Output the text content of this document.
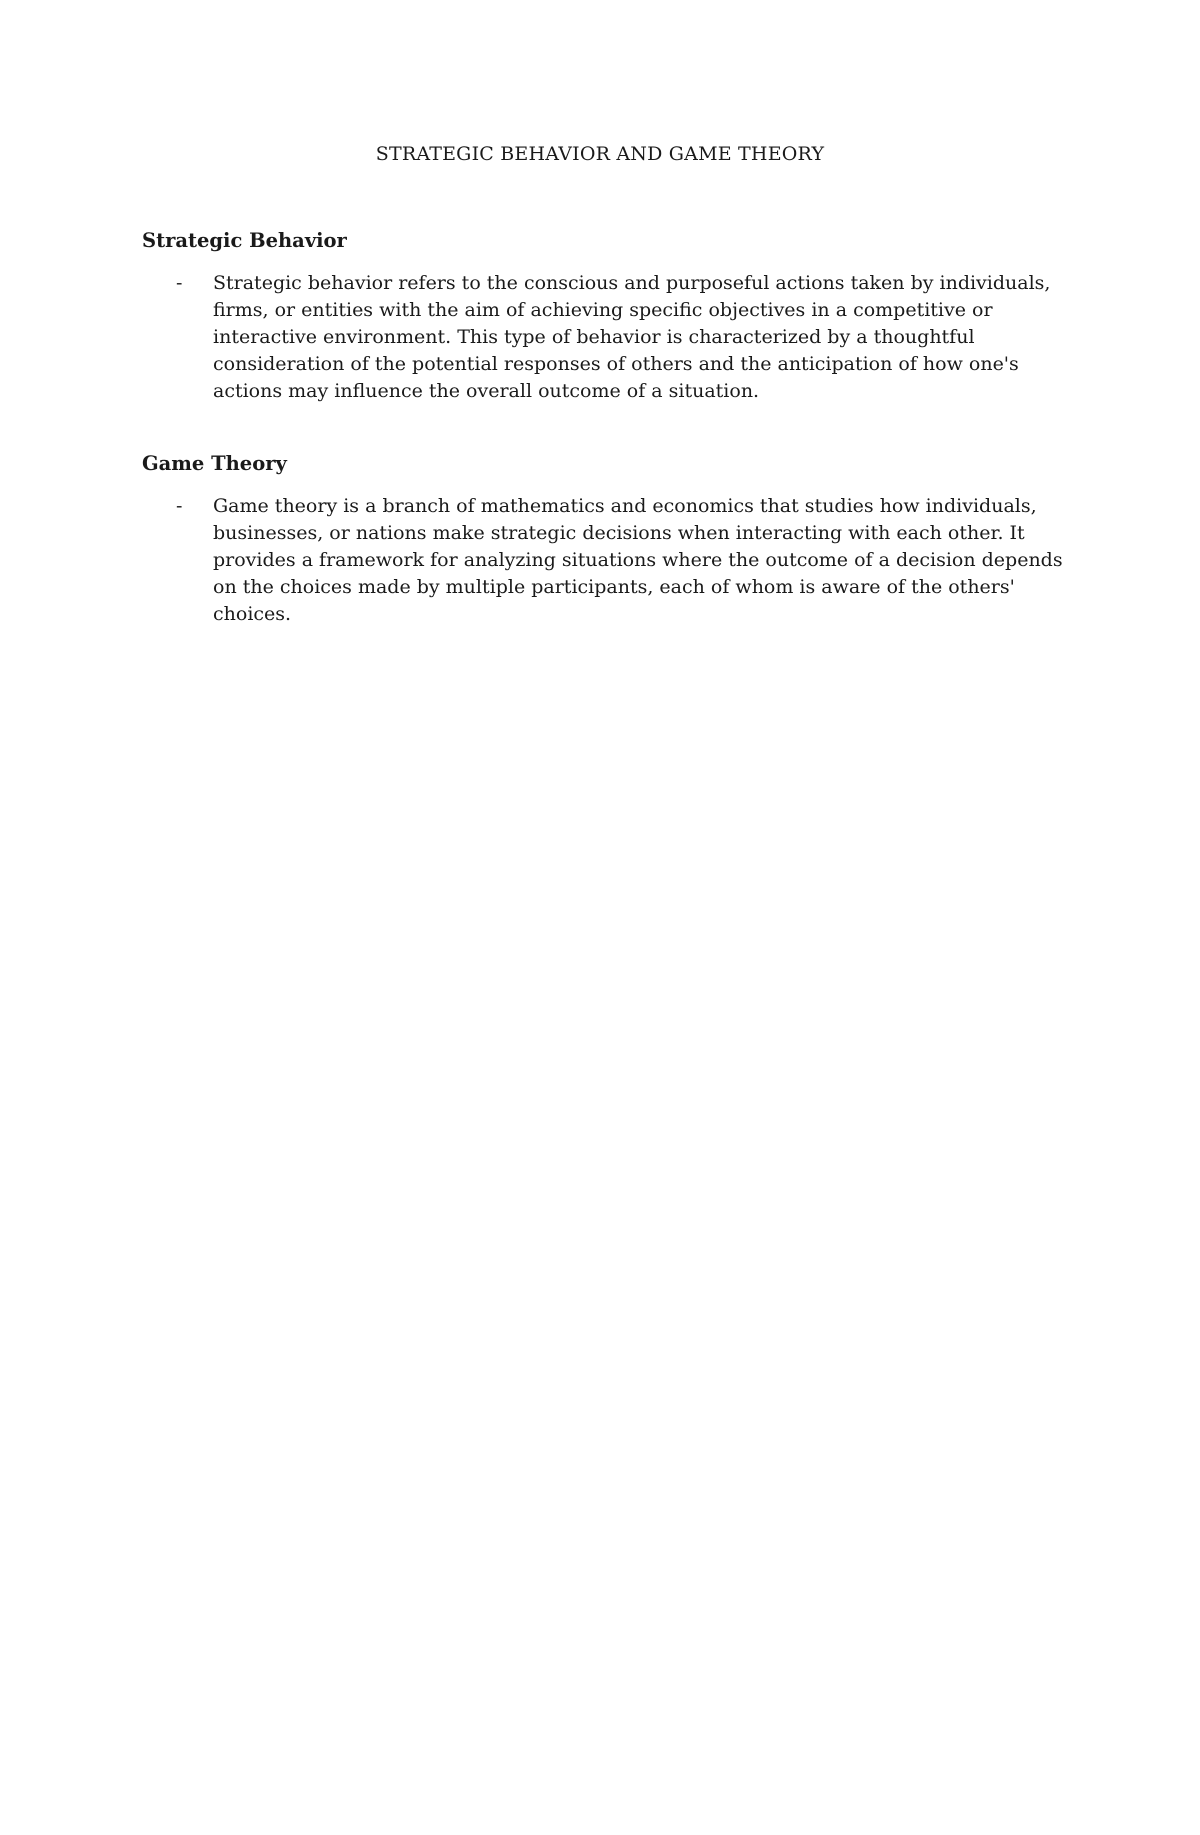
STRATEGIC BEHAVIOR AND GAME THEORY
Strategic Behavior
-	Strategic behavior refers to the conscious and purposeful actions taken by individuals, firms, or entities with the aim of achieving specific objectives in a competitive or interactive environment. This type of behavior is characterized by a thoughtful consideration of the potential responses of others and the anticipation of how one's actions may influence the overall outcome of a situation.

Game Theory
-	Game theory is a branch of mathematics and economics that studies how individuals, businesses, or nations make strategic decisions when interacting with each other. It provides a framework for analyzing situations where the outcome of a decision depends on the choices made by multiple participants, each of whom is aware of the others' choices.
